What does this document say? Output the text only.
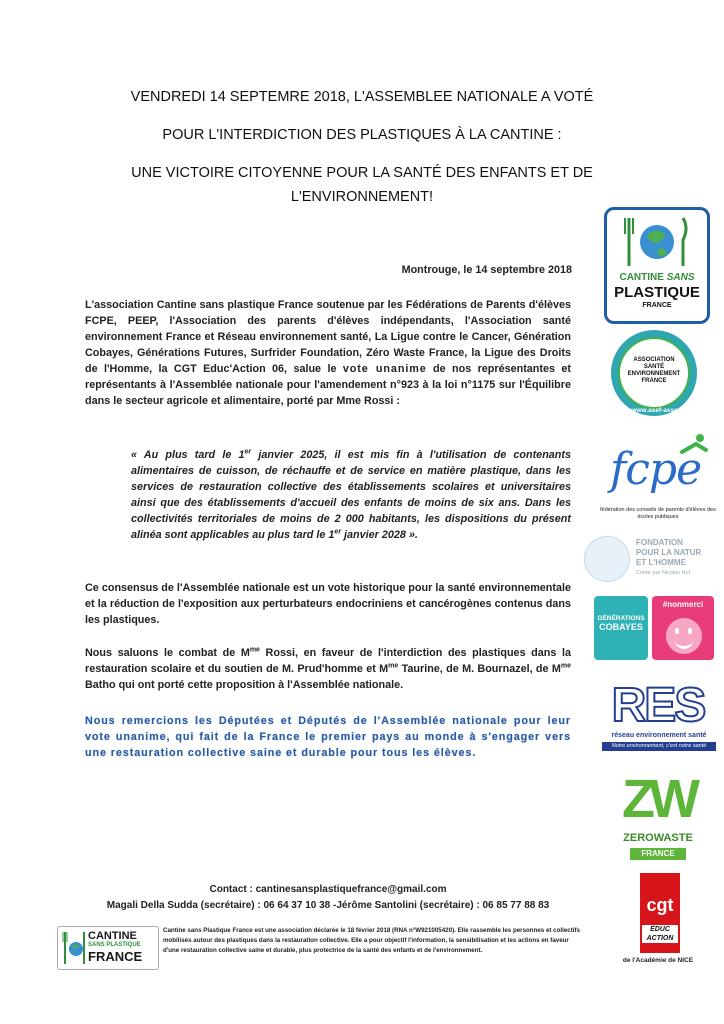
VENDREDI 14 SEPTEMRE 2018, L'ASSEMBLEE NATIONALE A VOTÉ
POUR L'INTERDICTION DES PLASTIQUES À LA CANTINE :
UNE VICTOIRE CITOYENNE POUR LA SANTÉ DES ENFANTS ET DE
L'ENVIRONNEMENT!
Montrouge, le 14 septembre 2018
L'association Cantine sans plastique France soutenue par les Fédérations de Parents d'élèves FCPE, PEEP, l'Association des parents d'élèves indépendants, l'Association santé environnement France et Réseau environnement santé, La Ligue contre le Cancer, Génération Cobayes, Générations Futures, Surfrider Foundation, Zéro Waste France, la Ligue des Droits de l'Homme, la CGT Educ'Action 06, salue le vote unanime de nos représentantes et représentants à l'Assemblée nationale pour l'amendement n°923 à la loi n°1175 sur l'Équilibre dans le secteur agricole et alimentaire, porté par Mme Rossi :
« Au plus tard le 1er janvier 2025, il est mis fin à l'utilisation de contenants alimentaires de cuisson, de réchauffe et de service en matière plastique, dans les services de restauration collective des établissements scolaires et universitaires ainsi que des établissements d'accueil des enfants de moins de six ans. Dans les collectivités territoriales de moins de 2 000 habitants, les dispositions du présent alinéa sont applicables au plus tard le 1er janvier 2028 ».
Ce consensus de l'Assemblée nationale est un vote historique pour la santé environnementale et la réduction de l'exposition aux perturbateurs endocriniens et cancérogènes contenus dans les plastiques.
Nous saluons le combat de $M^{me}$ Rossi, en faveur de l'interdiction des plastiques dans la restauration scolaire et du soutien de M. Prud'homme et $M^{me}$ Taurine, de M. Bournazel, de $M^{me}$ Batho qui ont porté cette proposition à l'Assemblée nationale.
Nous remercions les Députées et Députés de l'Assemblée nationale pour leur vote unanime, qui fait de la France le premier pays au monde à s'engager vers une restauration collective saine et durable pour tous les élèves.
Contact : cantinesansplastiquefrance@gmail.com
Magali Della Sudda (secrétaire) : 06 64 37 10 38 -Jérôme Santolini (secrétaire) : 06 85 77 88 83
CANTINE
SANS PLASTIQUE
FRANCE
Cantine sans Plastique France est une association déclarée le 18 février 2018 (RNA n°W921005420). Elle rassemble les personnes et collectifs mobilisés autour des plastiques dans la restauration collective. Elle a pour objectif l'information, la sensibilisation et les actions en faveur d'une restauration collective saine et durable, plus protectrice de la santé des enfants et de l'environnement.
CANTINE SANS
PLASTIQUE
FRANCE
ASSOCIATION
SANTÉ
ENVIRONNEMENT
FRANCE
www.asef-asso.fr
fcpe
fédération des conseils de parents d'élèves des écoles publiques
FONDATION
POUR LA NATUR
ET L'HOMME
Créée par Nicolas Hul
GÉNÉRATIONS
COBAYES
#nonmerci
RES
réseau environnement santé
Notre environnement, c'est notre santé
ZW
ZEROWASTE
FRANCE
cgt
ÉDUC
ACTION
de l'Académie de NICE
